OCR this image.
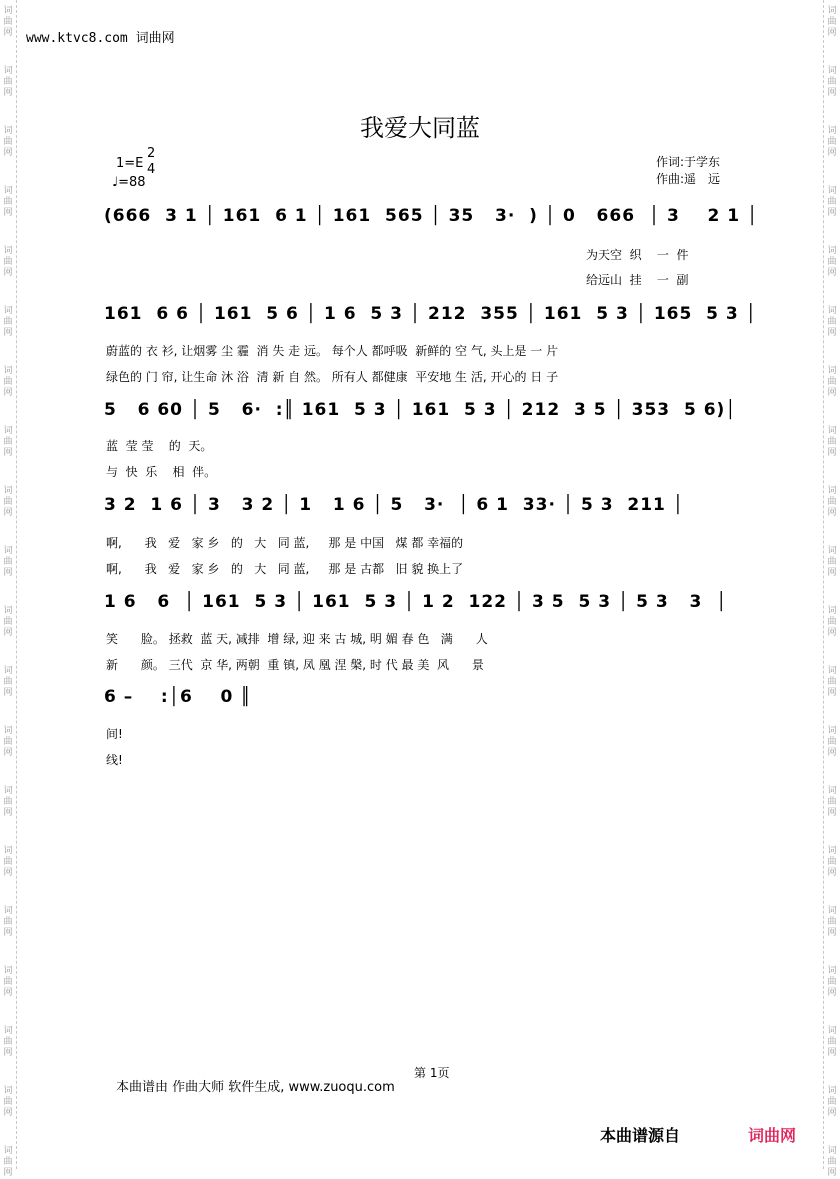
词
曲
网
词
曲
网
词
曲
网
词
曲
网
词
曲
网
词
曲
网
词
曲
网
词
曲
网
词
曲
网
词
曲
网
词
曲
网
词
曲
网
词
曲
网
词
曲
网
词
曲
网
词
曲
网
词
曲
网
词
曲
网
词
曲
网
词
曲
网
词
曲
网
词
曲
网
词
曲
网
词
曲
网
词
曲
网
词
曲
网
词
曲
网
词
曲
网
词
曲
网
词
曲
网
词
曲
网
词
曲
网
词
曲
网
词
曲
网
词
曲
网
词
曲
网
词
曲
网
词
曲
网
词
曲
网
词
曲
网
www.ktvc8.com 词曲网
我爱大同蓝
1=E
2
4
♩=88
作词:于学东
作曲:遥　远
(666  3 1 │ 161  6 1 │ 161  565 │ 35   3·  ) │ 0   666  │ 3    2 1 │
为天空  织    一  件
给远山  挂    一  副
161  6 6 │ 161  5 6 │ 1 6  5 3 │ 212  355 │ 161  5 3 │ 165  5 3 │
蔚蓝的 衣 衫, 让烟雾 尘 霾  消 失 走 远。 每个人 都呼吸  新鲜的 空 气, 头上是 一 片
绿色的 门 帘, 让生命 沐 浴  清 新 自 然。 所有人 都健康  平安地 生 活, 开心的 日 子
5   6 60 │ 5   6·  :║ 161  5 3 │ 161  5 3 │ 212  3 5 │ 353  5 6)│
蓝  莹 莹    的  天。
与  快  乐    相  伴。
3 2  1 6 │ 3   3 2 │ 1   1 6 │ 5   3·  │ 6 1  33· │ 5 3  211 │
啊,      我   爱   家 乡   的   大   同 蓝,     那 是 中国   煤 都 幸福的
啊,      我   爱   家 乡   的   大   同 蓝,     那 是 古都   旧 貌 换上了
1 6   6  │ 161  5 3 │ 161  5 3 │ 1 2  122 │ 3 5  5 3 │ 5 3   3  │
笑      脸。 拯救  蓝 天, 减排  增 绿, 迎 来 古 城, 明 媚 春 色   满      人
新      颜。 三代  京 华, 两朝  重 镇, 凤 凰 涅 槃, 时 代 最 美  风      景
6 –    :│6    0 ║
间!
线!
第 1页
本曲谱由 作曲大师 软件生成, www.zuoqu.com
本曲谱源自	词曲网
